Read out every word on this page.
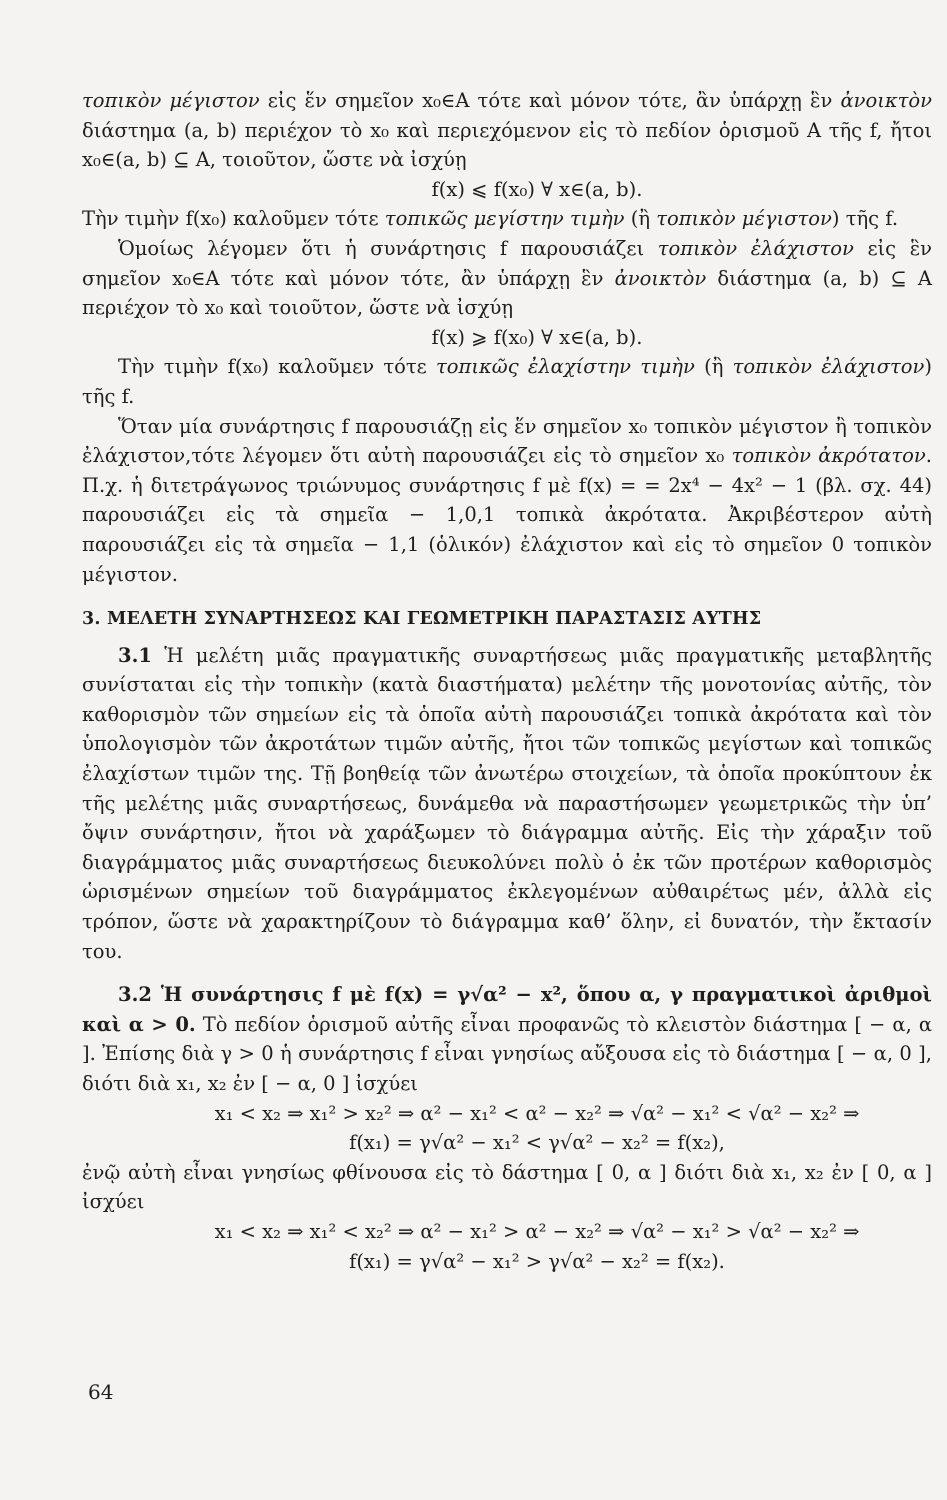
τοπικὸν μέγιστον εἰς ἕν σημεῖον x₀∈A τότε καὶ μόνον τότε, ἂν ὑπάρχῃ ἓν ἀνοικτὸν διάστημα (a, b) περιέχον τὸ x₀ καὶ περιεχόμενον εἰς τὸ πεδίον ὁρισμοῦ A τῆς f, ἤτοι x₀∈(a, b) ⊆ A, τοιοῦτον, ὥστε νὰ ἰσχύῃ

f(x) ⩽ f(x₀) ∀ x∈(a, b).

Τὴν τιμὴν f(x₀) καλοῦμεν τότε τοπικῶς μεγίστην τιμὴν (ἢ τοπικὸν μέγιστον) τῆς f.

Ὁμοίως λέγομεν ὅτι ἡ συνάρτησις f παρουσιάζει τοπικὸν ἐλάχιστον εἰς ἓν σημεῖον x₀∈A τότε καὶ μόνον τότε, ἂν ὑπάρχῃ ἓν ἀνοικτὸν διάστημα (a, b) ⊆ A περιέχον τὸ x₀ καὶ τοιοῦτον, ὥστε νὰ ἰσχύῃ

f(x) ⩾ f(x₀) ∀ x∈(a, b).

Τὴν τιμὴν f(x₀) καλοῦμεν τότε τοπικῶς ἐλαχίστην τιμὴν (ἢ τοπικὸν ἐλάχιστον) τῆς f.

Ὅταν μία συνάρτησις f παρουσιάζῃ εἰς ἕν σημεῖον x₀ τοπικὸν μέγιστον ἢ τοπικὸν ἐλάχιστον,τότε λέγομεν ὅτι αὐτὴ παρουσιάζει εἰς τὸ σημεῖον x₀ τοπικὸν ἀκρότατον. Π.χ. ἡ διτετράγωνος τριώνυμος συνάρτησις f μὲ f(x) = = 2x⁴ − 4x² − 1 (βλ. σχ. 44) παρουσιάζει εἰς τὰ σημεῖα − 1,0,1 τοπικὰ ἀκρότατα. Ἀκριβέστερον αὐτὴ παρουσιάζει εἰς τὰ σημεῖα − 1,1 (ὁλικόν) ἐλάχιστον καὶ εἰς τὸ σημεῖον 0 τοπικὸν μέγιστον.

3. ΜΕΛΕΤΗ ΣΥΝΑΡΤΗΣΕΩΣ ΚΑΙ ΓΕΩΜΕΤΡΙΚΗ ΠΑΡΑΣΤΑΣΙΣ ΑΥΤΗΣ

3.1 Ἡ μελέτη μιᾶς πραγματικῆς συναρτήσεως μιᾶς πραγματικῆς μεταβλητῆς συνίσταται εἰς τὴν τοπικὴν (κατὰ διαστήματα) μελέτην τῆς μονοτονίας αὐτῆς, τὸν καθορισμὸν τῶν σημείων εἰς τὰ ὁποῖα αὐτὴ παρουσιάζει τοπικὰ ἀκρότατα καὶ τὸν ὑπολογισμὸν τῶν ἀκροτάτων τιμῶν αὐτῆς, ἤτοι τῶν τοπικῶς μεγίστων καὶ τοπικῶς ἐλαχίστων τιμῶν της. Τῇ βοηθείᾳ τῶν ἀνωτέρω στοιχείων, τὰ ὁποῖα προκύπτουν ἐκ τῆς μελέτης μιᾶς συναρτήσεως, δυνάμεθα νὰ παραστήσωμεν γεωμετρικῶς τὴν ὑπ’ ὄψιν συνάρτησιν, ἤτοι νὰ χαράξωμεν τὸ διάγραμμα αὐτῆς. Εἰς τὴν χάραξιν τοῦ διαγράμματος μιᾶς συναρτήσεως διευκολύνει πολὺ ὁ ἐκ τῶν προτέρων καθορισμὸς ὡρισμένων σημείων τοῦ διαγράμματος ἐκλεγομένων αὐθαιρέτως μέν, ἀλλὰ εἰς τρόπον, ὥστε νὰ χαρακτηρίζουν τὸ διάγραμμα καθ’ ὅλην, εἰ δυνατόν, τὴν ἔκτασίν του.

3.2 Ἡ συνάρτησις f μὲ f(x) = γ√α² − x², ὅπου α, γ πραγματικοὶ ἀριθμοὶ καὶ α > 0. Τὸ πεδίον ὁρισμοῦ αὐτῆς εἶναι προφανῶς τὸ κλειστὸν διάστημα [ − α, α ]. Ἐπίσης διὰ γ > 0 ἡ συνάρτησις f εἶναι γνησίως αὔξουσα εἰς τὸ διάστημα [ − α, 0 ], διότι διὰ x₁, x₂ ἐν [ − α, 0 ] ἰσχύει

x₁ < x₂ ⇒ x₁² > x₂² ⇒ α² − x₁² < α² − x₂² ⇒ √α² − x₁² < √α² − x₂² ⇒

f(x₁) = γ√α² − x₁² < γ√α² − x₂² = f(x₂),

ἐνῷ αὐτὴ εἶναι γνησίως φθίνουσα εἰς τὸ δάστημα [ 0, α ] διότι διὰ x₁, x₂ ἐν [ 0, α ] ἰσχύει

x₁ < x₂ ⇒ x₁² < x₂² ⇒ α² − x₁² > α² − x₂² ⇒ √α² − x₁² > √α² − x₂² ⇒

f(x₁) = γ√α² − x₁² > γ√α² − x₂² = f(x₂).

64
